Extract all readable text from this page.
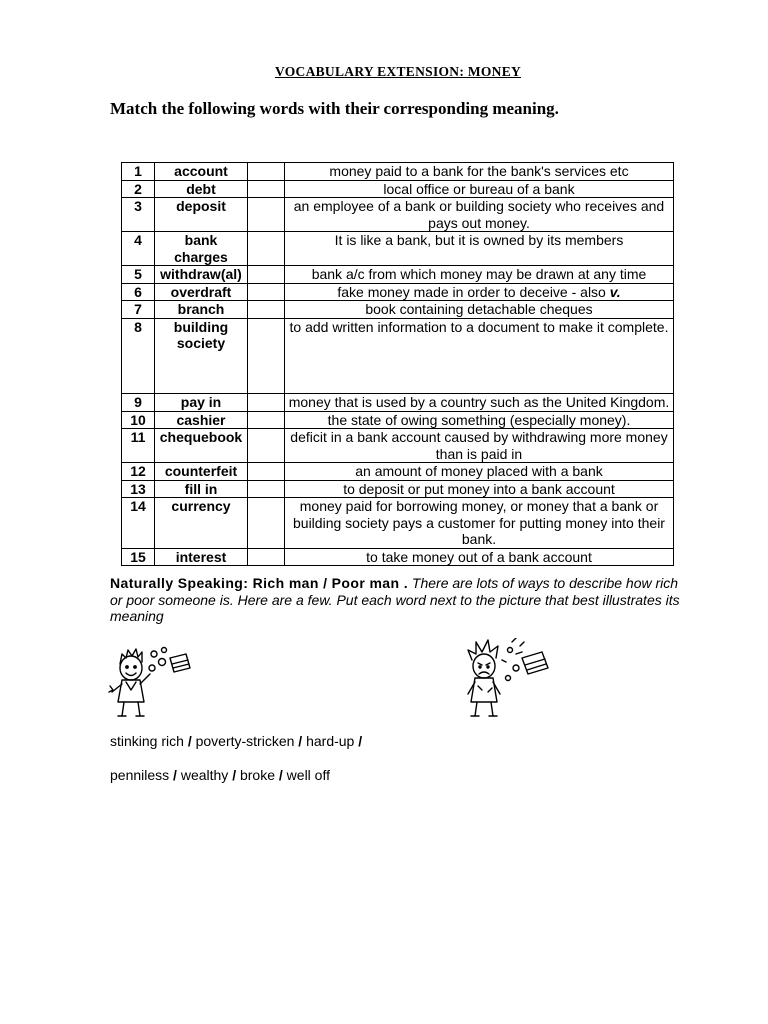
VOCABULARY EXTENSION: MONEY
Match the following words with their corresponding meaning.
1	account		money paid to a bank for the bank's services etc
2	debt		local office or bureau of a bank
3	deposit		an employee of a bank or building society who receives and pays out money.
4	bank charges		It is like a bank, but it is owned by its members
5	withdraw(al)		bank a/c from which money may be drawn at any time
6	overdraft		fake money made in order to deceive - also v.
7	branch		book containing detachable cheques
8	building society		to add written information to a document to make it complete.
9	pay in		money that is used by a country such as the United Kingdom.
10	cashier		the state of owing something (especially money).
11	chequebook		deficit in a bank account caused by withdrawing more money than is paid in
12	counterfeit		an amount of money placed with a bank
13	fill in		to deposit or put money into a bank account
14	currency		money paid for borrowing money, or money that a bank or building society pays a customer for putting money into their bank.
15	interest		to take money out of a bank account
Naturally Speaking: Rich man / Poor man . There are lots of ways to describe how rich or poor someone is. Here are a few. Put each word next to the picture that best illustrates its meaning
stinking rich / poverty-stricken / hard-up /
penniless / wealthy / broke / well off
